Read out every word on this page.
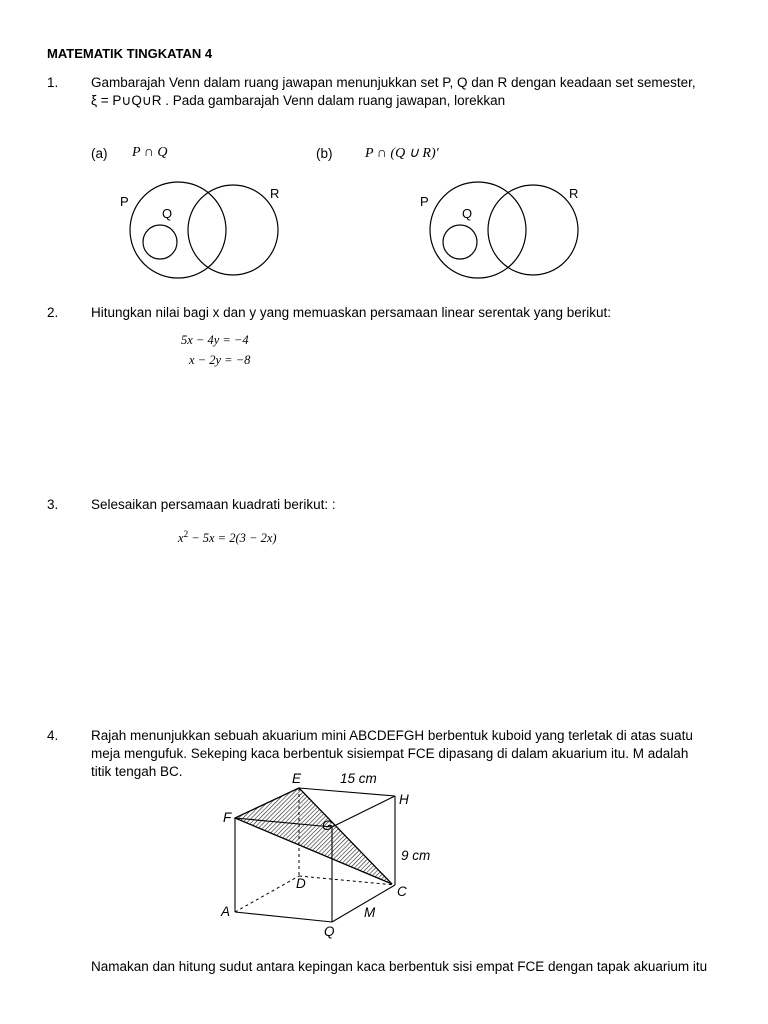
MATEMATIK TINGKATAN 4
1. Gambarajah Venn dalam ruang jawapan menunjukkan set P, Q dan R dengan keadaan set semester,
ξ = P∪Q∪R . Pada gambarajah Venn dalam ruang jawapan, lorekkan
(a) P ∩ Q	(b) P ∩ (Q ∪ R)'
P
Q
R
P
Q
R
2. Hitungkan nilai bagi x dan y yang memuaskan persamaan linear serentak yang berikut:
5x − 4y = −4
x − 2y = −8
3. Selesaikan persamaan kuadrati berikut: :
$x^2 - 5x = 2(3 - 2x)$
4. Rajah menunjukkan sebuah akuarium mini ABCDEFGH berbentuk kuboid yang terletak di atas suatu
meja mengufuk. Sekeping kaca berbentuk sisiempat FCE dipasang di dalam akuarium itu. M adalah
titik tengah BC.	E	15 cm
H
F
G
9 cm
D
C
A	M
Q
Namakan dan hitung sudut antara kepingan kaca berbentuk sisi empat FCE dengan tapak akuarium itu
